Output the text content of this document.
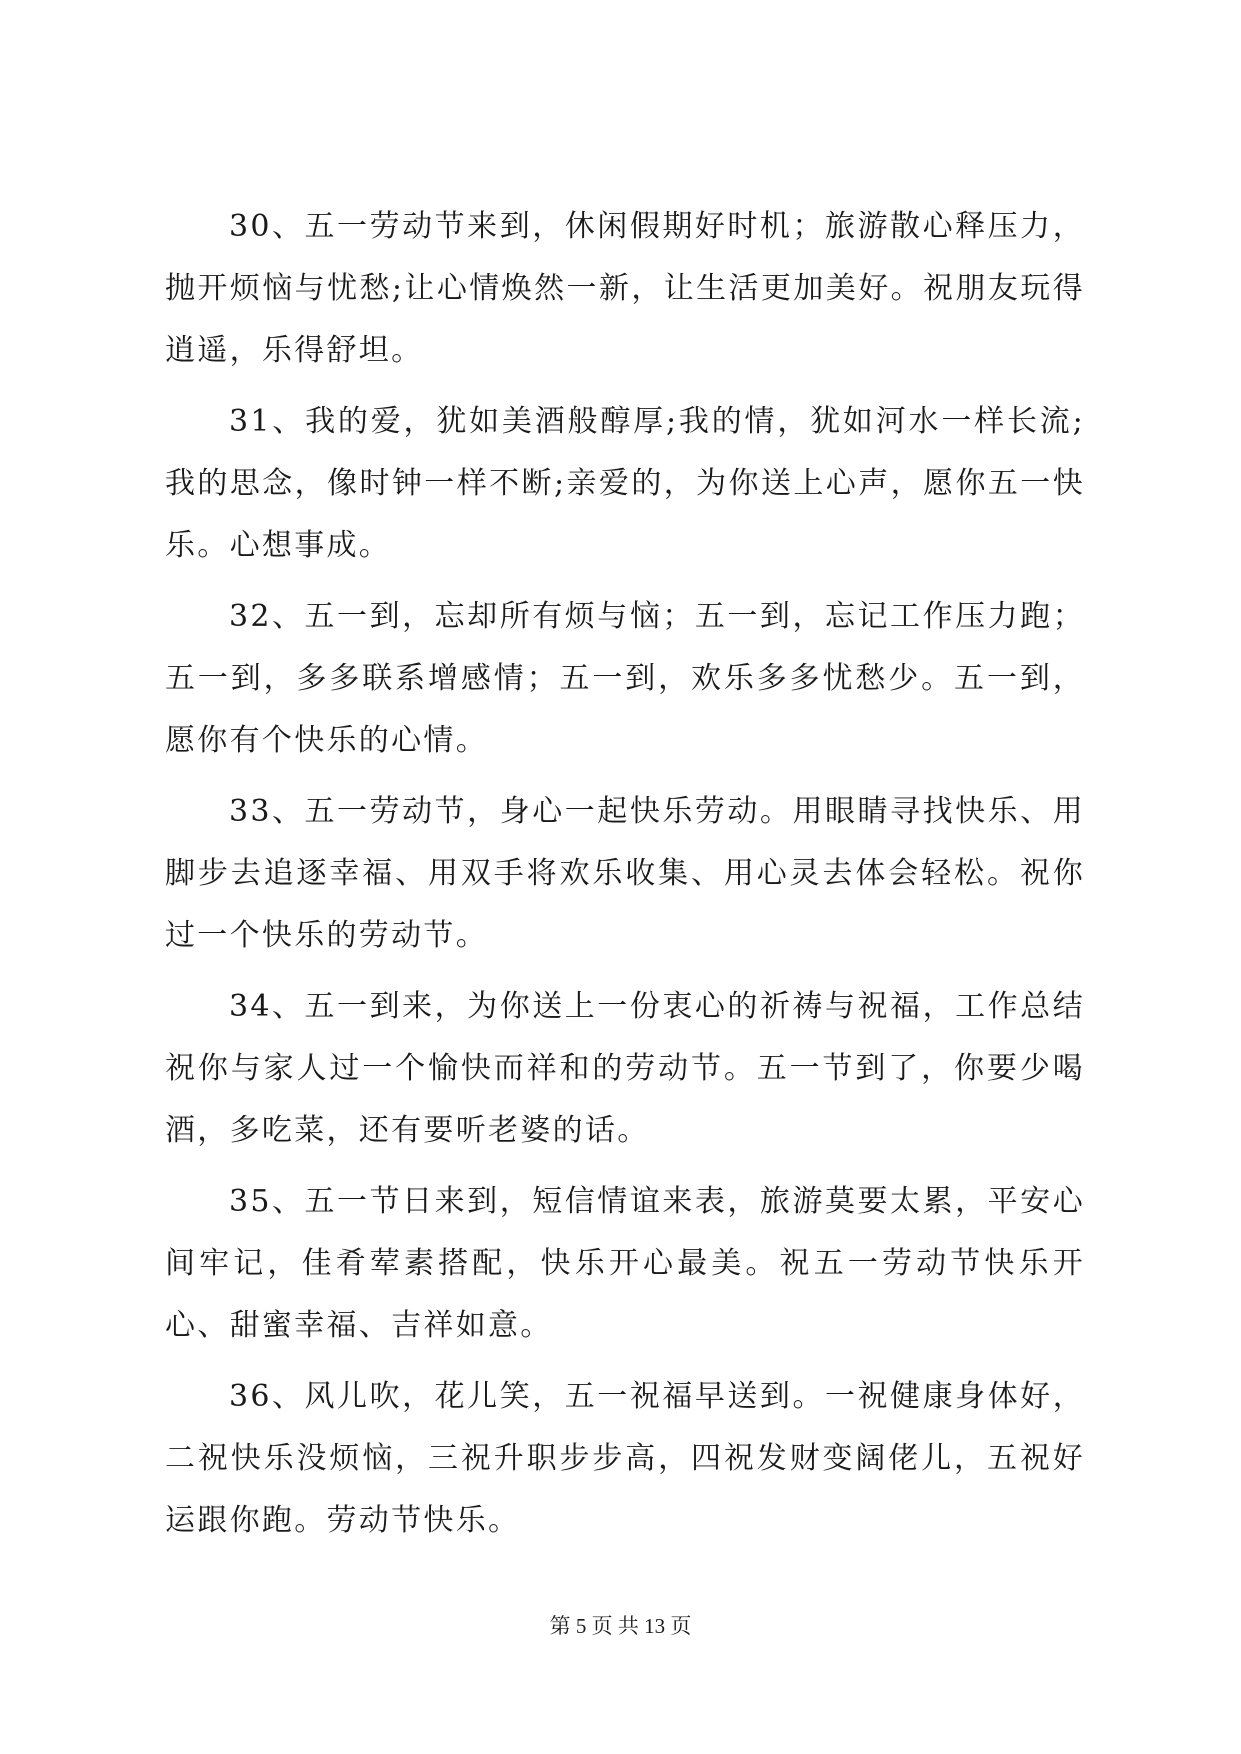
30、五一劳动节来到，休闲假期好时机；旅游散心释压力，抛开烦恼与忧愁;让心情焕然一新，让生活更加美好。祝朋友玩得逍遥，乐得舒坦。

31、我的爱，犹如美酒般醇厚;我的情，犹如河水一样长流;我的思念，像时钟一样不断;亲爱的，为你送上心声，愿你五一快乐。心想事成。

32、五一到，忘却所有烦与恼；五一到，忘记工作压力跑；五一到，多多联系增感情；五一到，欢乐多多忧愁少。五一到，愿你有个快乐的心情。

33、五一劳动节，身心一起快乐劳动。用眼睛寻找快乐、用脚步去追逐幸福、用双手将欢乐收集、用心灵去体会轻松。祝你过一个快乐的劳动节。

34、五一到来，为你送上一份衷心的祈祷与祝福，工作总结祝你与家人过一个愉快而祥和的劳动节。五一节到了，你要少喝酒，多吃菜，还有要听老婆的话。

35、五一节日来到，短信情谊来表，旅游莫要太累，平安心间牢记，佳肴荤素搭配，快乐开心最美。祝五一劳动节快乐开心、甜蜜幸福、吉祥如意。

36、风儿吹，花儿笑，五一祝福早送到。一祝健康身体好，二祝快乐没烦恼，三祝升职步步高，四祝发财变阔佬儿，五祝好运跟你跑。劳动节快乐。

第 5 页 共 13 页
